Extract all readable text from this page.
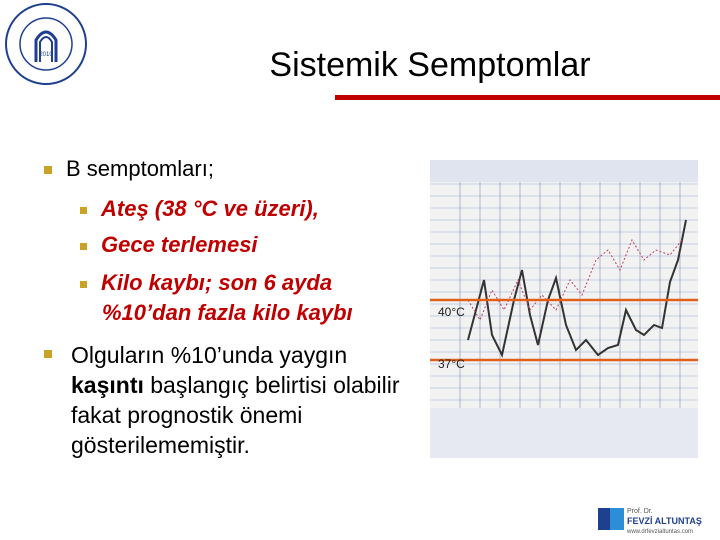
2010	Sistemik Semptomlar
B semptomları;
Ateş (38 °C ve üzeri),
Gece terlemesi
Kilo kaybı; son 6 ayda
%10’dan fazla kilo kaybı
Olguların %10’unda yaygın
kaşıntı başlangıç belirtisi olabilir fakat prognostik önemi gösterilememiştir.
40°C
37°C
Prof. Dr.
FEVZİ ALTUNTAŞ
www.drfevzialtuntas.com
